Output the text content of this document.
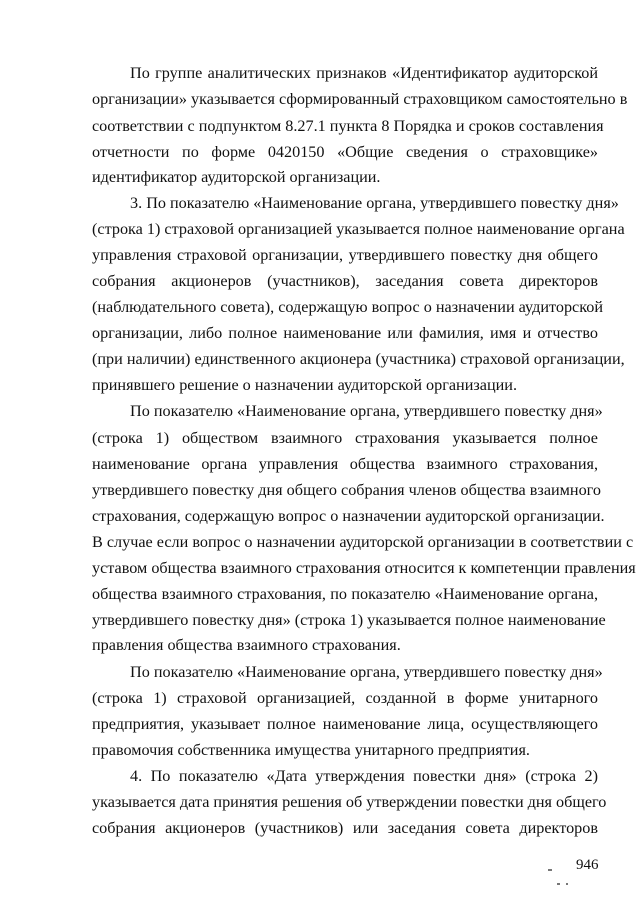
По группе аналитических признаков «Идентификатор аудиторской
организации» указывается сформированный страховщиком самостоятельно в
соответствии с подпунктом 8.27.1 пункта 8 Порядка и сроков составления
отчетности по форме 0420150 «Общие сведения о страховщике»
идентификатор аудиторской организации.
3. По показателю «Наименование органа, утвердившего повестку дня»
(строка 1) страховой организацией указывается полное наименование органа
управления страховой организации, утвердившего повестку дня общего
собрания акционеров (участников), заседания совета директоров
(наблюдательного совета), содержащую вопрос о назначении аудиторской
организации, либо полное наименование или фамилия, имя и отчество
(при наличии) единственного акционера (участника) страховой организации,
принявшего решение о назначении аудиторской организации.
По показателю «Наименование органа, утвердившего повестку дня»
(строка 1) обществом взаимного страхования указывается полное
наименование органа управления общества взаимного страхования,
утвердившего повестку дня общего собрания членов общества взаимного
страхования, содержащую вопрос о назначении аудиторской организации.
В случае если вопрос о назначении аудиторской организации в соответствии с
уставом общества взаимного страхования относится к компетенции правления
общества взаимного страхования, по показателю «Наименование органа,
утвердившего повестку дня» (строка 1) указывается полное наименование
правления общества взаимного страхования.
По показателю «Наименование органа, утвердившего повестку дня»
(строка 1) страховой организацией, созданной в форме унитарного
предприятия, указывает полное наименование лица, осуществляющего
правомочия собственника имущества унитарного предприятия.
4. По показателю «Дата утверждения повестки дня» (строка 2)
указывается дата принятия решения об утверждении повестки дня общего
собрания акционеров (участников) или заседания совета директоров
946
